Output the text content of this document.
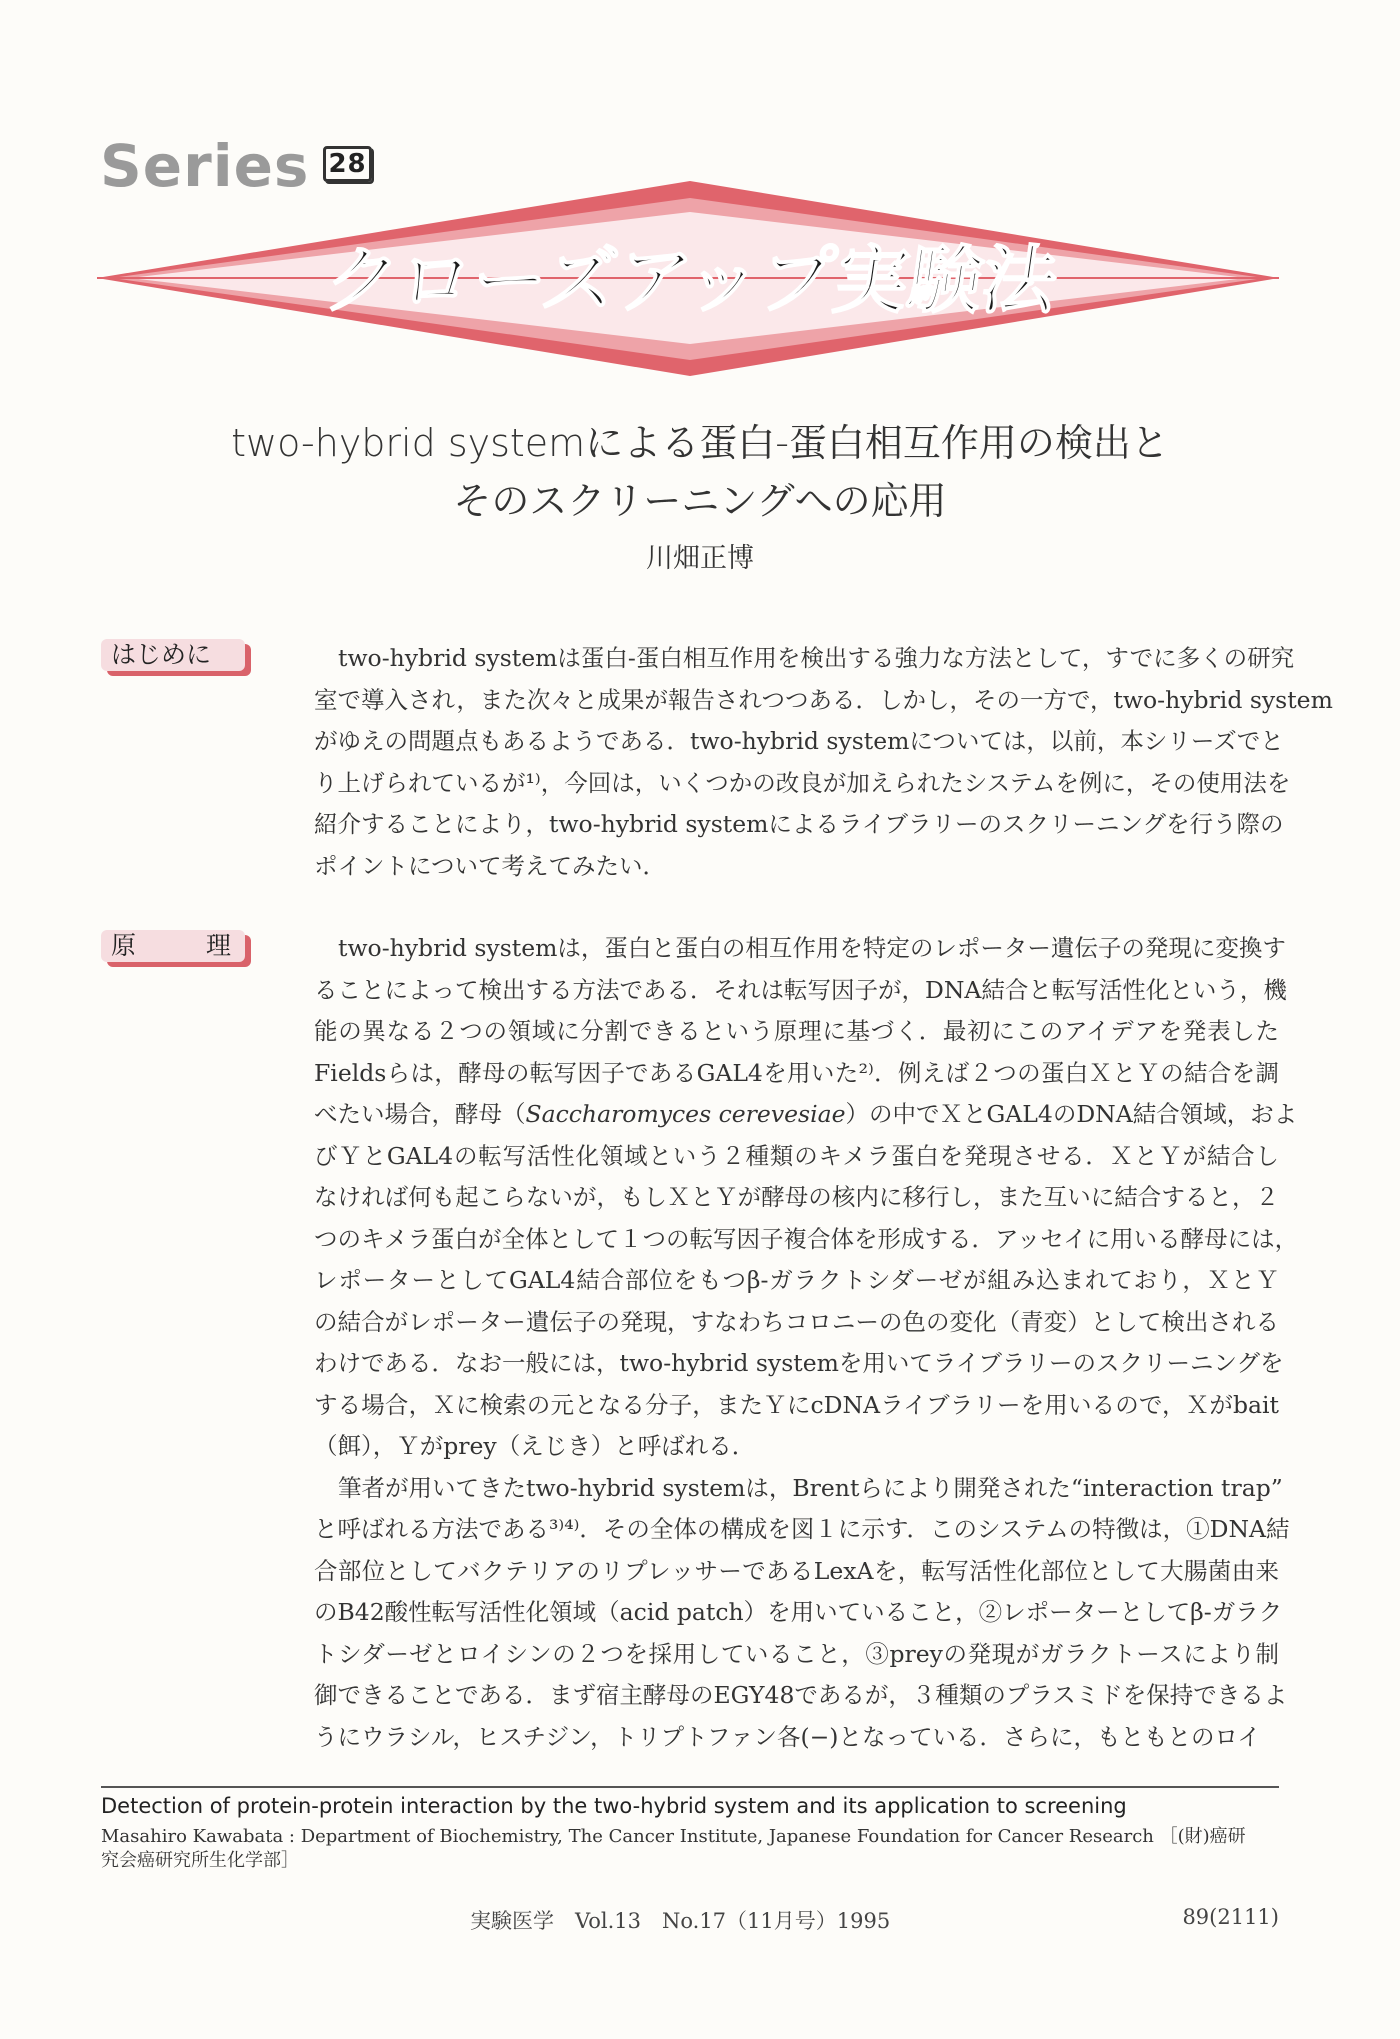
Series 28
クローズアップ実験法
two-hybrid systemによる蛋白-蛋白相互作用の検出と
そのスクリーニングへの応用
川畑正博
はじめに
原	理
two-hybrid systemは蛋白-蛋白相互作用を検出する強力な方法として，すでに多くの研究
室で導入され，また次々と成果が報告されつつある．しかし，その一方で，two-hybrid system
がゆえの問題点もあるようである．two-hybrid systemについては，以前，本シリーズでと
り上げられているが¹⁾，今回は，いくつかの改良が加えられたシステムを例に，その使用法を
紹介することにより，two-hybrid systemによるライブラリーのスクリーニングを行う際の
ポイントについて考えてみたい．
two-hybrid systemは，蛋白と蛋白の相互作用を特定のレポーター遺伝子の発現に変換す
ることによって検出する方法である．それは転写因子が，DNA結合と転写活性化という，機
能の異なる２つの領域に分割できるという原理に基づく．最初にこのアイデアを発表した
Fieldsらは，酵母の転写因子であるGAL4を用いた²⁾．例えば２つの蛋白ＸとＹの結合を調
べたい場合，酵母（Saccharomyces cerevesiae）の中でＸとGAL4のDNA結合領域，およ
びＹとGAL4の転写活性化領域という２種類のキメラ蛋白を発現させる．ＸとＹが結合し
なければ何も起こらないが，もしＸとＹが酵母の核内に移行し，また互いに結合すると，２
つのキメラ蛋白が全体として１つの転写因子複合体を形成する．アッセイに用いる酵母には，
レポーターとしてGAL4結合部位をもつβ-ガラクトシダーゼが組み込まれており，ＸとＹ
の結合がレポーター遺伝子の発現，すなわちコロニーの色の変化（青変）として検出される
わけである．なお一般には，two-hybrid systemを用いてライブラリーのスクリーニングを
する場合，Ｘに検索の元となる分子，またＹにcDNAライブラリーを用いるので，Ｘがbait
（餌），Ｙがprey（えじき）と呼ばれる．
筆者が用いてきたtwo-hybrid systemは，Brentらにより開発された“interaction trap”
と呼ばれる方法である³⁾⁴⁾．その全体の構成を図１に示す．このシステムの特徴は，①DNA結
合部位としてバクテリアのリプレッサーであるLexAを，転写活性化部位として大腸菌由来
のB42酸性転写活性化領域（acid patch）を用いていること，②レポーターとしてβ-ガラク
トシダーゼとロイシンの２つを採用していること，③preyの発現がガラクトースにより制
御できることである．まず宿主酵母のEGY48であるが，３種類のプラスミドを保持できるよ
うにウラシル，ヒスチジン，トリプトファン各(−)となっている．さらに，もともとのロイ
Detection of protein-protein interaction by the two-hybrid system and its application to screening
Masahiro Kawabata : Department of Biochemistry, The Cancer Institute, Japanese Foundation for Cancer Research ［(財)癌研
究会癌研究所生化学部］
実験医学　Vol.13　No.17（11月号）1995	89(2111)
